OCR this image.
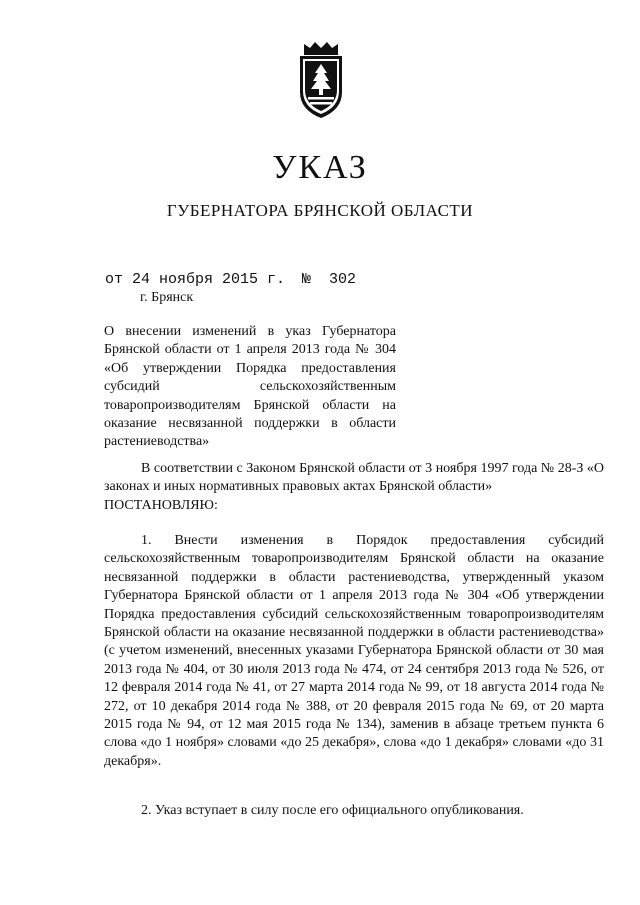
УКАЗ
ГУБЕРНАТОРА БРЯНСКОЙ ОБЛАСТИ
от 24 ноября 2015 г. №  302
г. Брянск
О внесении изменений в указ Губернатора Брянской области от 1 апреля 2013 года № 304 «Об утверждении Порядка предоставления субсидий сельскохозяйственным товаропроизводителям Брянской области на оказание несвязанной поддержки в области растениеводства»

В соответствии с Законом Брянской области от 3 ноября 1997 года № 28-З «О законах и иных нормативных правовых актах Брянской области»

ПОСТАНОВЛЯЮ:

1. Внести изменения в Порядок предоставления субсидий сельскохозяйственным товаропроизводителям Брянской области на оказание несвязанной поддержки в области растениеводства, утвержденный указом Губернатора Брянской области от 1 апреля 2013 года № 304 «Об утверждении Порядка предоставления субсидий сельскохозяйственным товаропроизводителям Брянской области на оказание несвязанной поддержки в области растениеводства» (с учетом изменений, внесенных указами Губернатора Брянской области от 30 мая 2013 года № 404, от 30 июля 2013 года № 474, от 24 сентября 2013 года № 526, от 12 февраля 2014 года № 41, от 27 марта 2014 года № 99, от 18 августа 2014 года № 272, от 10 декабря 2014 года № 388, от 20 февраля 2015 года № 69, от 20 марта 2015 года № 94, от 12 мая 2015 года № 134), заменив в абзаце третьем пункта 6 слова «до 1 ноября» словами «до 25 декабря», слова «до 1 декабря» словами «до 31 декабря».

2. Указ вступает в силу после его официального опубликования.
